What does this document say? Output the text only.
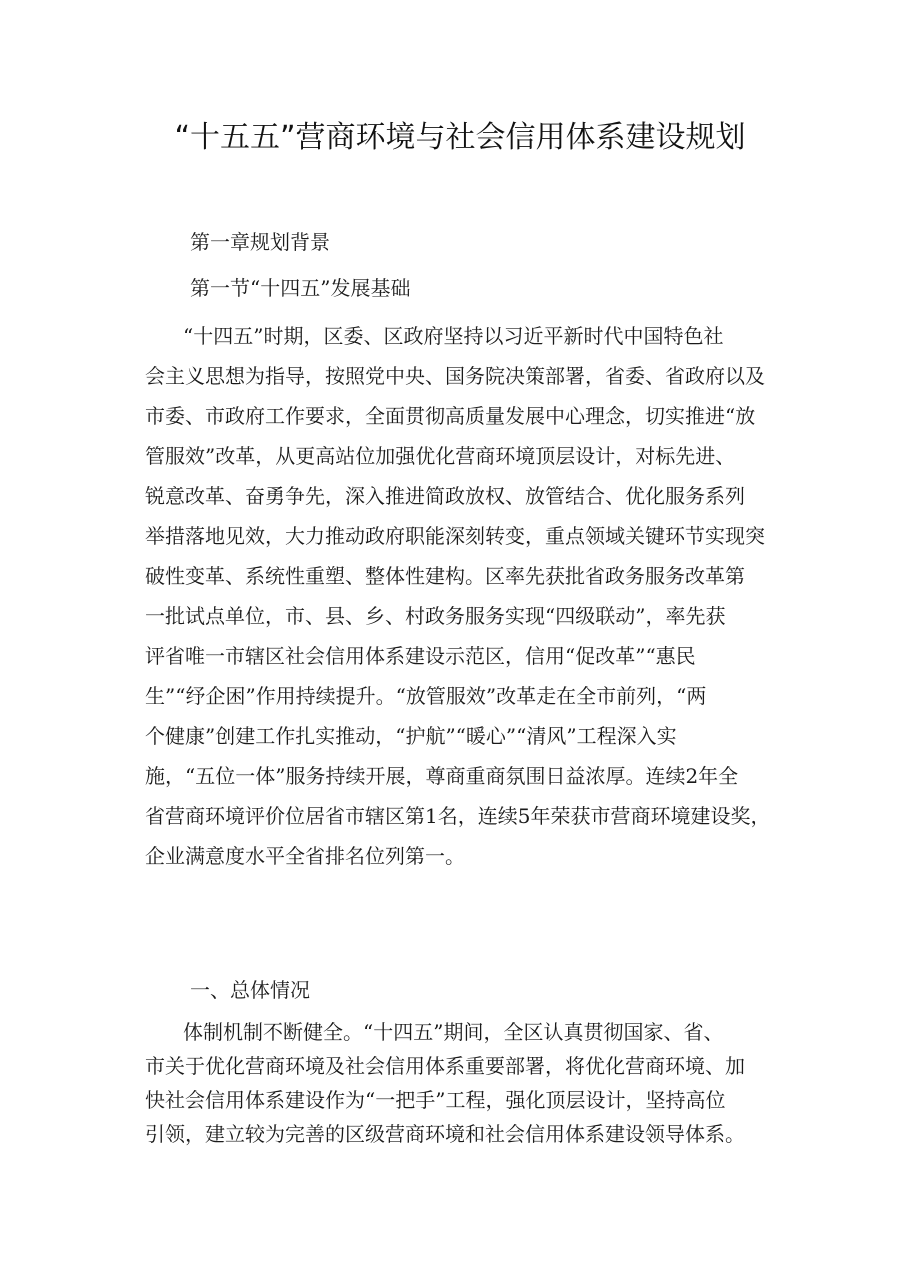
“十五五”营商环境与社会信用体系建设规划
第一章规划背景
第一节“十四五”发展基础
“十四五”时期，区委、区政府坚持以习近平新时代中国特色社
会主义思想为指导，按照党中央、国务院决策部署，省委、省政府以及
市委、市政府工作要求，全面贯彻高质量发展中心理念，切实推进“放
管服效”改革，从更高站位加强优化营商环境顶层设计，对标先进、
锐意改革、奋勇争先，深入推进简政放权、放管结合、优化服务系列
举措落地见效，大力推动政府职能深刻转变，重点领域关键环节实现突
破性变革、系统性重塑、整体性建构。区率先获批省政务服务改革第
一批试点单位，市、县、乡、村政务服务实现“四级联动”，率先获
评省唯一市辖区社会信用体系建设示范区，信用“促改革”“惠民
生”“纾企困”作用持续提升。“放管服效”改革走在全市前列，“两
个健康”创建工作扎实推动，“护航”“暖心”“清风”工程深入实
施，“五位一体”服务持续开展，尊商重商氛围日益浓厚。连续2年全
省营商环境评价位居省市辖区第1名，连续5年荣获市营商环境建设奖，
企业满意度水平全省排名位列第一。
一、总体情况
体制机制不断健全。“十四五”期间，全区认真贯彻国家、省、
市关于优化营商环境及社会信用体系重要部署，将优化营商环境、加
快社会信用体系建设作为“一把手”工程，强化顶层设计，坚持高位
引领，建立较为完善的区级营商环境和社会信用体系建设领导体系。
